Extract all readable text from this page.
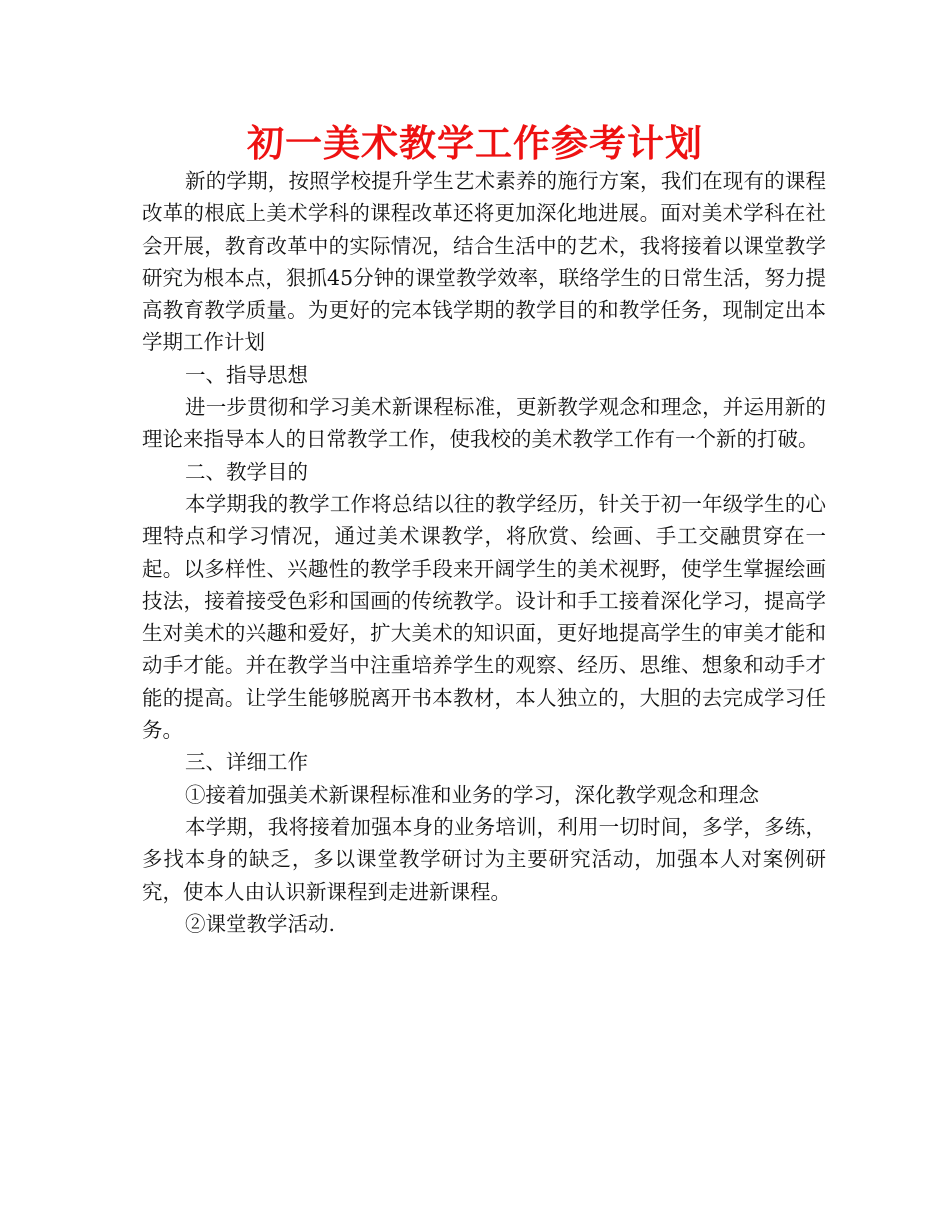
初一美术教学工作参考计划

新的学期，按照学校提升学生艺术素养的施行方案，我们在现有的课程改革的根底上美术学科的课程改革还将更加深化地进展。面对美术学科在社会开展，教育改革中的实际情况，结合生活中的艺术，我将接着以课堂教学研究为根本点，狠抓45分钟的课堂教学效率，联络学生的日常生活，努力提高教育教学质量。为更好的完本钱学期的教学目的和教学任务，现制定出本学期工作计划

一、指导思想

进一步贯彻和学习美术新课程标准，更新教学观念和理念，并运用新的理论来指导本人的日常教学工作，使我校的美术教学工作有一个新的打破。

二、教学目的

本学期我的教学工作将总结以往的教学经历，针关于初一年级学生的心理特点和学习情况，通过美术课教学，将欣赏、绘画、手工交融贯穿在一起。以多样性、兴趣性的教学手段来开阔学生的美术视野，使学生掌握绘画技法，接着接受色彩和国画的传统教学。设计和手工接着深化学习，提高学生对美术的兴趣和爱好，扩大美术的知识面，更好地提高学生的审美才能和动手才能。并在教学当中注重培养学生的观察、经历、思维、想象和动手才能的提高。让学生能够脱离开书本教材，本人独立的，大胆的去完成学习任务。

三、详细工作

①接着加强美术新课程标准和业务的学习，深化教学观念和理念

本学期，我将接着加强本身的业务培训，利用一切时间，多学，多练，多找本身的缺乏，多以课堂教学研讨为主要研究活动，加强本人对案例研究，使本人由认识新课程到走进新课程。

②课堂教学活动.
